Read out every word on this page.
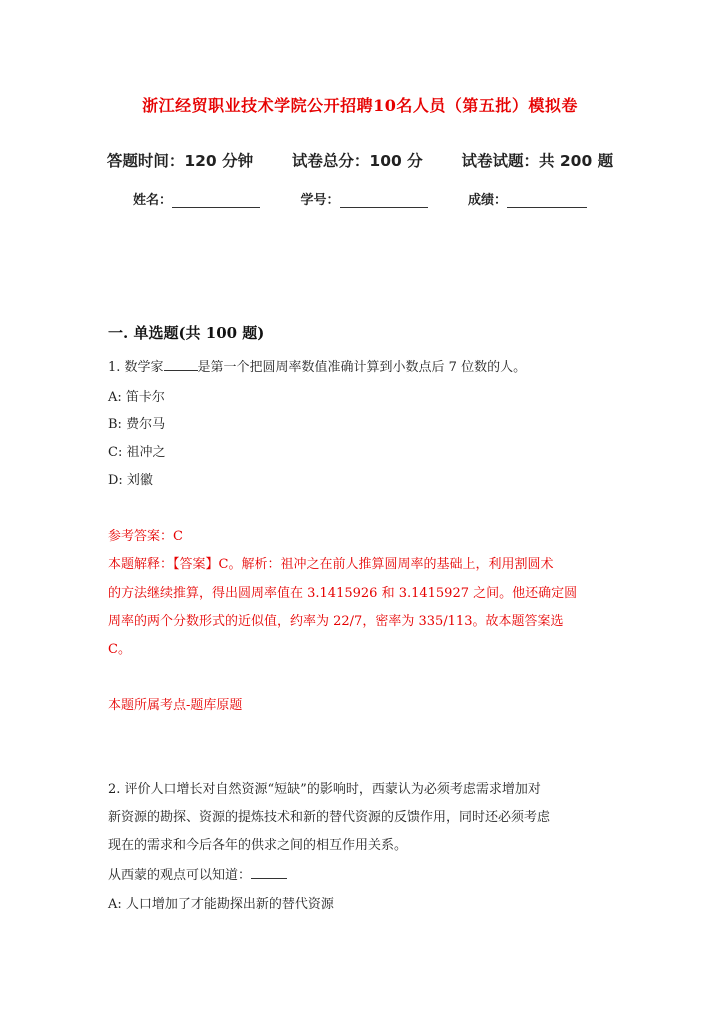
浙江经贸职业技术学院公开招聘10名人员（第五批）模拟卷
答题时间：120 分钟	试卷总分：100 分	试卷试题：共 200 题
姓名：	学号：	成绩：
一. 单选题(共 100 题)
1. 数学家	是第一个把圆周率数值准确计算到小数点后 7 位数的人。
A: 笛卡尔
B: 费尔马
C: 祖冲之
D: 刘徽
参考答案：C
本题解释：【答案】C。解析：祖冲之在前人推算圆周率的基础上，利用割圆术
的方法继续推算，得出圆周率值在 3.1415926 和 3.1415927 之间。他还确定圆
周率的两个分数形式的近似值，约率为 22/7，密率为 335/113。故本题答案选
C。
本题所属考点-题库原题
2. 评价人口增长对自然资源“短缺”的影响时，西蒙认为必须考虑需求增加对
新资源的勘探、资源的提炼技术和新的替代资源的反馈作用，同时还必须考虑
现在的需求和今后各年的供求之间的相互作用关系。
从西蒙的观点可以知道：
A: 人口增加了才能勘探出新的替代资源
